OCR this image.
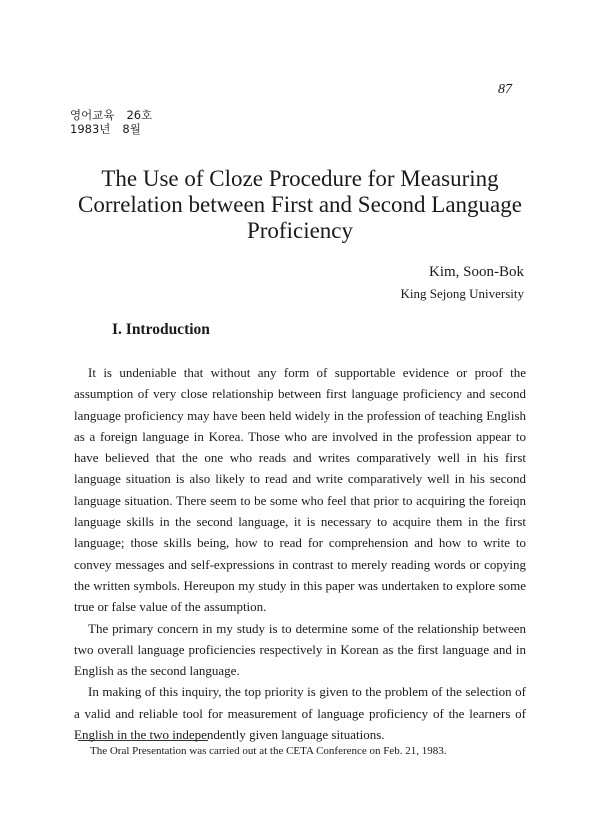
87
영어교육 26호
1983년 8월
The Use of Cloze Procedure for Measuring Correlation between First and Second Language Proficiency
Kim, Soon-Bok
King Sejong University
I. Introduction

It is undeniable that without any form of supportable evidence or proof the assumption of very close relationship between first language proficiency and second language proficiency may have been held widely in the profession of teaching English as a foreign language in Korea. Those who are involved in the profession appear to have believed that the one who reads and writes comparatively well in his first language situation is also likely to read and write comparatively well in his second language situation. There seem to be some who feel that prior to acquiring the foreiqn language skills in the second language, it is necessary to acquire them in the first language; those skills being, how to read for comprehension and how to write to convey messages and self-expressions in contrast to merely reading words or copying the written symbols. Hereupon my study in this paper was undertaken to explore some true or false value of the assumption.

The primary concern in my study is to determine some of the relationship between two overall language proficiencies respectively in Korean as the first language and in English as the second language.

In making of this inquiry, the top priority is given to the problem of the selection of a valid and reliable tool for measurement of language proficiency of the learners of English in the two independently given language situations.

The Oral Presentation was carried out at the CETA Conference on Feb. 21, 1983.
